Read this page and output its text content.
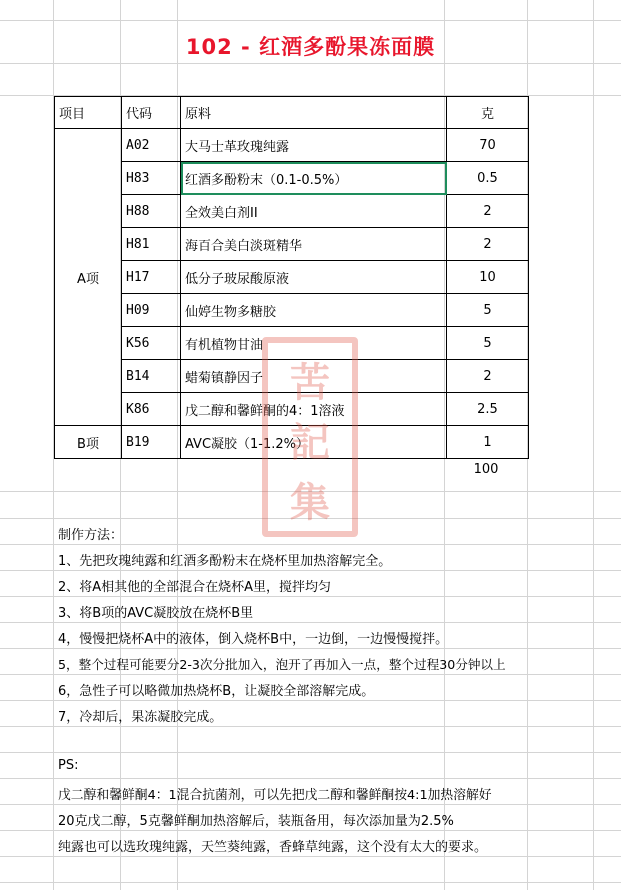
102 - 红酒多酚果冻面膜
项目	代码	原料	克
A项	A02	大马士革玫瑰纯露	70
	H83	红酒多酚粉末（0.1-0.5%）	0.5
	H88	全效美白剂II	2
	H81	海百合美白淡斑精华	2
	H17	低分子玻尿酸原液	10
	H09	仙婷生物多糖胶	5
	K56	有机植物甘油	5
	B14	蜡菊镇静因子	2
	K86	戊二醇和馨鲜酮的4：1溶液	2.5
B项	B19	AVC凝胶（1-1.2%）	1
100
苦
記
集
制作方法：
1、先把玫瑰纯露和红酒多酚粉末在烧杯里加热溶解完全。
2、将A相其他的全部混合在烧杯A里，搅拌均匀
3、将B项的AVC凝胶放在烧杯B里
4，慢慢把烧杯A中的液体，倒入烧杯B中，一边倒，一边慢慢搅拌。
5，整个过程可能要分2-3次分批加入，泡开了再加入一点，整个过程30分钟以上
6，急性子可以略微加热烧杯B，让凝胶全部溶解完成。
7，冷却后，果冻凝胶完成。
PS:
戊二醇和馨鲜酮4：1混合抗菌剂，可以先把戊二醇和馨鲜酮按4:1加热溶解好
20克戊二醇，5克馨鲜酮加热溶解后，装瓶备用，每次添加量为2.5%
纯露也可以选玫瑰纯露，天竺葵纯露，香蜂草纯露，这个没有太大的要求。
